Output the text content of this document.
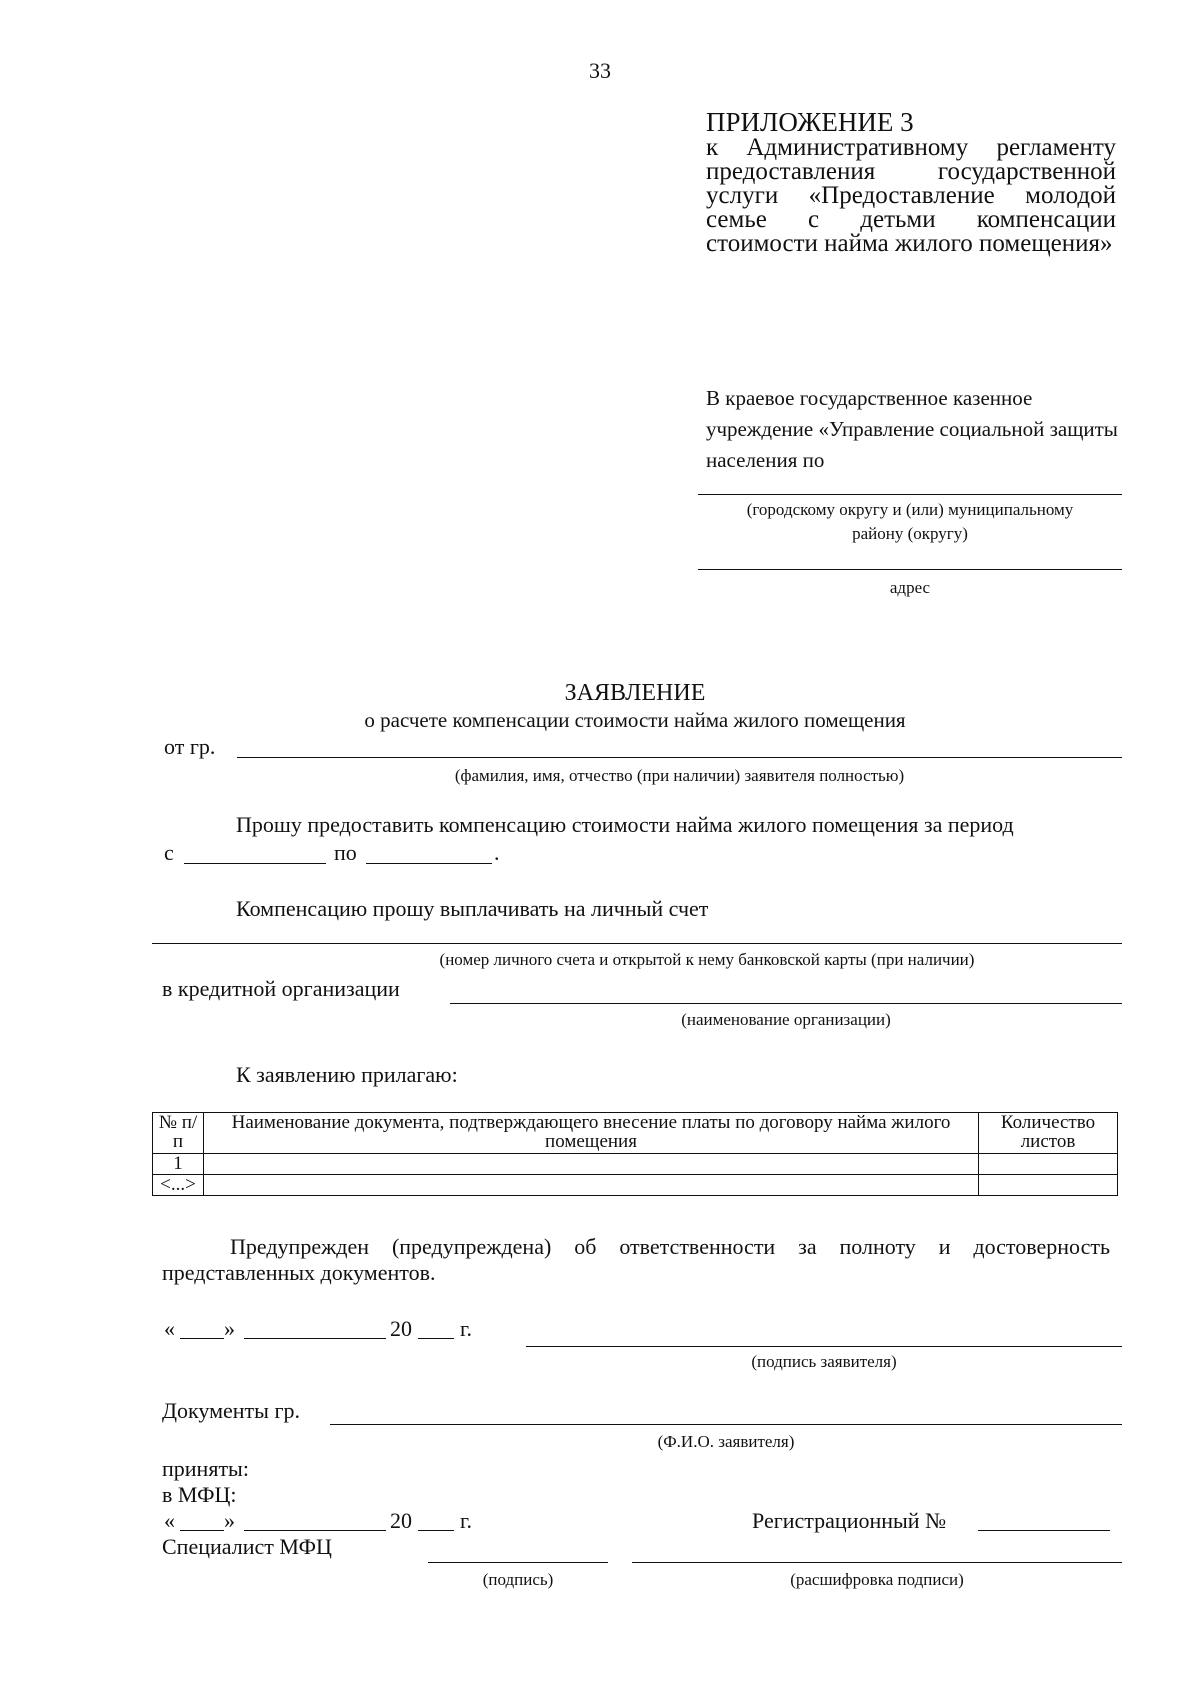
33
ПРИЛОЖЕНИЕ 3
к Административному регламенту предоставления государственной услуги «Предоставление молодой семье с детьми компенсации стоимости найма жилого помещения»
В краевое государственное казенное учреждение «Управление социальной защиты населения по
(городскому округу и (или) муниципальному
району (округу)
адрес
ЗАЯВЛЕНИЕ
о расчете компенсации стоимости найма жилого помещения
от гр.
(фамилия, имя, отчество (при наличии) заявителя полностью)
Прошу предоставить компенсацию стоимости найма жилого помещения за период
с	по	.
Компенсацию прошу выплачивать на личный счет
(номер личного счета и открытой к нему банковской карты (при наличии)
в кредитной организации
(наименование организации)
К заявлению прилагаю:
№ п/п	Наименование документа, подтверждающего внесение платы по договору найма жилого помещения	Количество листов
1		
<...>		
Предупрежден (предупреждена) об ответственности за полноту и достоверность
представленных документов.
« »	20 г.
(подпись заявителя)
Документы гр.
(Ф.И.О. заявителя)
приняты:
в МФЦ:
« »	20 г.	Регистрационный №
Специалист МФЦ
(подпись)	(расшифровка подписи)
